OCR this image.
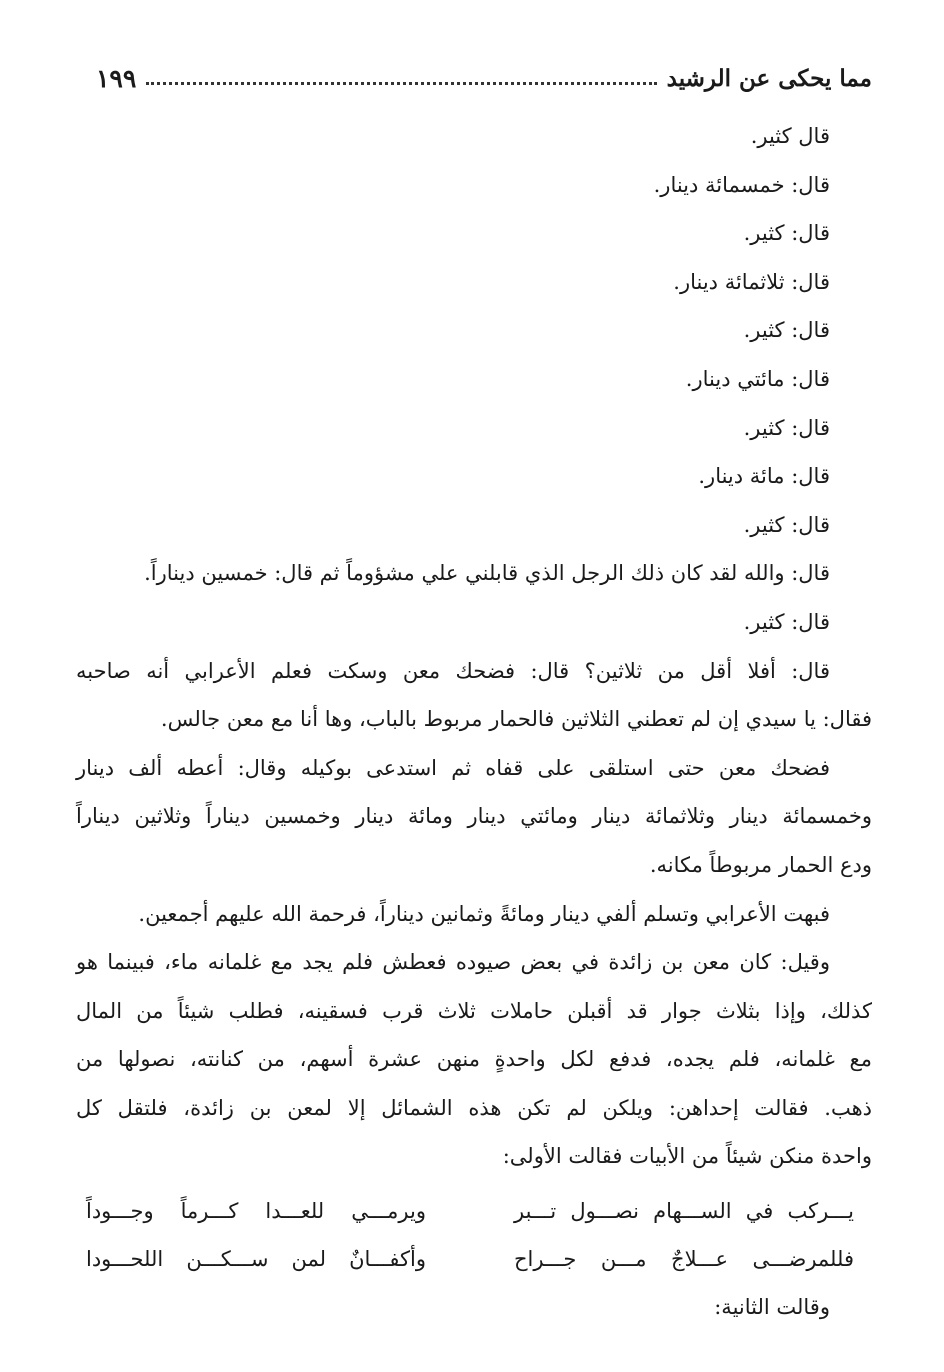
مما يحكى عن الرشيد
١٩٩
قال كثير.
قال: خمسمائة دينار.
قال: كثير.
قال: ثلاثمائة دينار.
قال: كثير.
قال: مائتي دينار.
قال: كثير.
قال: مائة دينار.
قال: كثير.
قال: والله لقد كان ذلك الرجل الذي قابلني علي مشؤوماً ثم قال: خمسين ديناراً.
قال: كثير.
قال: أفلا أقل من ثلاثين؟ قال: فضحك معن وسكت فعلم الأعرابي أنه صاحبه
فقال: يا سيدي إن لم تعطني الثلاثين فالحمار مربوط بالباب، وها أنا مع معن جالس.
فضحك معن حتى استلقى على قفاه ثم استدعى بوكيله وقال: أعطه ألف دينار
وخمسمائة دينار وثلاثمائة دينار ومائتي دينار ومائة دينار وخمسين ديناراً وثلاثين ديناراً
ودع الحمار مربوطاً مكانه.
فبهت الأعرابي وتسلم ألفي دينار ومائةً وثمانين ديناراً، فرحمة الله عليهم أجمعين.
وقيل: كان معن بن زائدة في بعض صيوده فعطش فلم يجد مع غلمانه ماء، فبينما هو
كذلك، وإذا بثلاث جوار قد أقبلن حاملات ثلاث قرب فسقينه، فطلب شيئاً من المال
مع غلمانه، فلم يجده، فدفع لكل واحدةٍ منهن عشرة أسهم، من كنانته، نصولها من
ذهب. فقالت إحداهن: ويلكن لم تكن هذه الشمائل إلا لمعن بن زائدة، فلتقل كل
واحدة منكن شيئاً من الأبيات فقالت الأولى:
يـــركب في الســـهام نصـــول تـــبر
ويرمـــي للعـــدا كـــرماً وجـــوداً
فللمرضـــى عـــلاجٌ مـــن جـــراح
وأكفـــانٌ لمن ســـكـــن اللحـــودا
وقالت الثانية:
